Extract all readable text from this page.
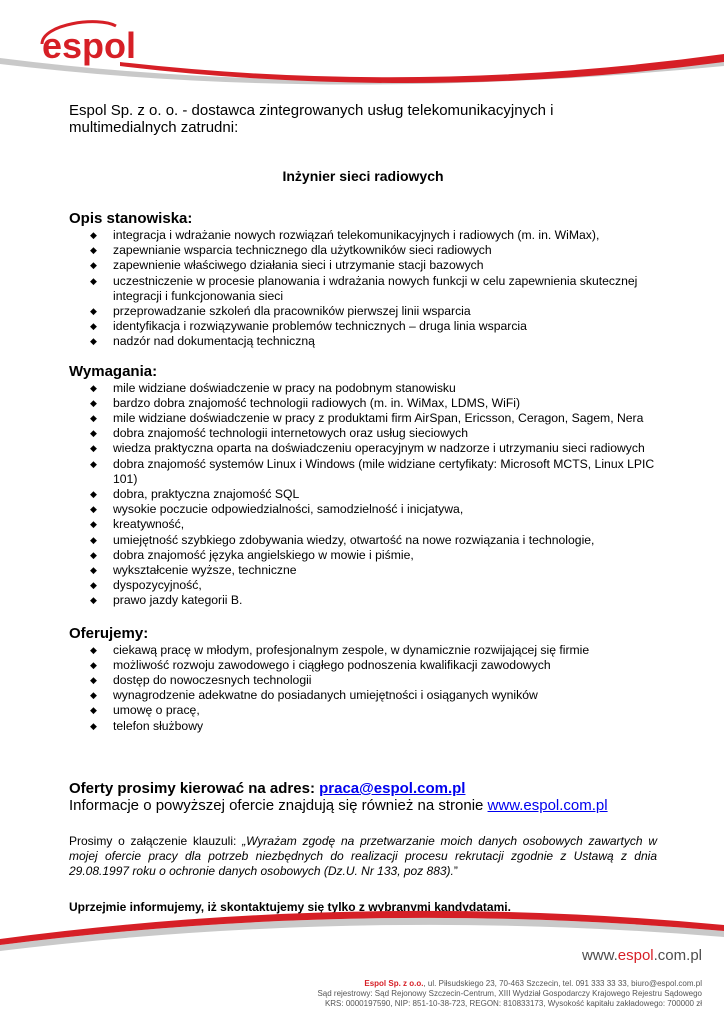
espol

Espol Sp. z o. o. - dostawca zintegrowanych usług telekomunikacyjnych i multimedialnych zatrudni:

Inżynier sieci radiowych
Opis stanowiska:
◆ integracja i wdrażanie nowych rozwiązań telekomunikacyjnych i radiowych (m. in. WiMax),
◆ zapewnianie wsparcia technicznego dla użytkowników sieci radiowych
◆ zapewnienie właściwego działania sieci i utrzymanie stacji bazowych
◆ uczestniczenie w procesie planowania i wdrażania nowych funkcji w celu zapewnienia skutecznej integracji i funkcjonowania sieci
◆ przeprowadzanie szkoleń dla pracowników pierwszej linii wsparcia
◆ identyfikacja i rozwiązywanie problemów technicznych – druga linia wsparcia
◆ nadzór nad dokumentacją techniczną
Wymagania:
◆ mile widziane doświadczenie w pracy na podobnym stanowisku
◆ bardzo dobra znajomość technologii radiowych (m. in. WiMax, LDMS, WiFi)
◆ mile widziane doświadczenie w pracy z produktami firm AirSpan, Ericsson, Ceragon, Sagem, Nera
◆ dobra znajomość technologii internetowych oraz usług sieciowych
◆ wiedza praktyczna oparta na doświadczeniu operacyjnym w nadzorze i utrzymaniu sieci radiowych
◆ dobra znajomość systemów Linux i Windows (mile widziane certyfikaty: Microsoft MCTS, Linux LPIC 101)
◆ dobra, praktyczna znajomość SQL
◆ wysokie poczucie odpowiedzialności, samodzielność i inicjatywa,
◆ kreatywność,
◆ umiejętność szybkiego zdobywania wiedzy, otwartość na nowe rozwiązania i technologie,
◆ dobra znajomość języka angielskiego w mowie i piśmie,
◆ wykształcenie wyższe, techniczne
◆ dyspozycyjność,
◆ prawo jazdy kategorii B.
Oferujemy:
◆ ciekawą pracę w młodym, profesjonalnym zespole, w dynamicznie rozwijającej się firmie
◆ możliwość rozwoju zawodowego i ciągłego podnoszenia kwalifikacji zawodowych
◆ dostęp do nowoczesnych technologii
◆ wynagrodzenie adekwatne do posiadanych umiejętności i osiąganych wyników
◆ umowę o pracę,
◆ telefon służbowy
Oferty prosimy kierować na adres: praca@espol.com.pl
Informacje o powyższej ofercie znajdują się również na stronie www.espol.com.pl
Prosimy o załączenie klauzuli: „Wyrażam zgodę na przetwarzanie moich danych osobowych zawartych w mojej ofercie pracy dla potrzeb niezbędnych do realizacji procesu rekrutacji zgodnie z Ustawą z dnia 29.08.1997 roku o ochronie danych osobowych (Dz.U. Nr 133, poz 883).”
Uprzejmie informujemy, iż skontaktujemy się tylko z wybranymi kandydatami.
www.espol.com.pl
Espol Sp. z o.o., ul. Piłsudskiego 23, 70-463 Szczecin, tel. 091 333 33 33, biuro@espol.com.pl
Sąd rejestrowy: Sąd Rejonowy Szczecin-Centrum, XIII Wydział Gospodarczy Krajowego Rejestru Sądowego
KRS: 0000197590, NIP: 851-10-38-723, REGON: 810833173, Wysokość kapitału zakładowego: 700000 zł
